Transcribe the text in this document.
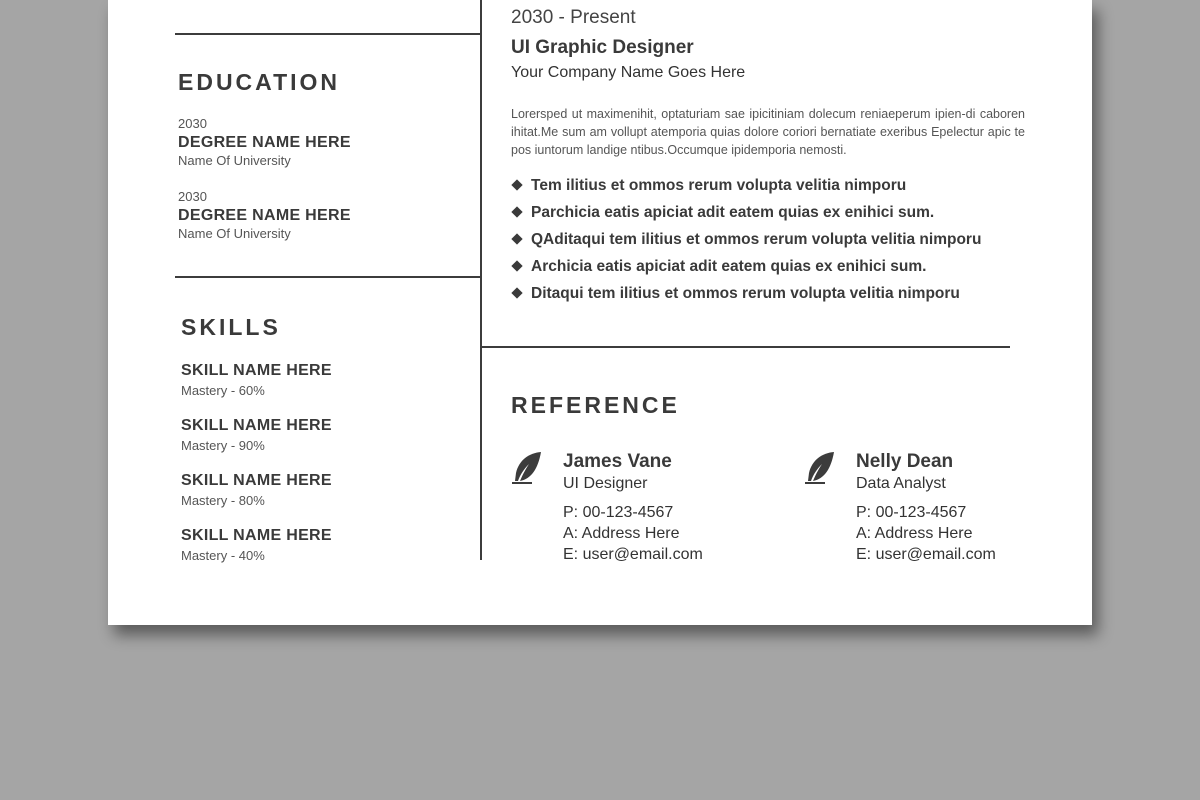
EDUCATION
2030
DEGREE NAME HERE
Name Of University
2030
DEGREE NAME HERE
Name Of University
SKILLS
SKILL NAME HERE
Mastery - 60%
SKILL NAME HERE
Mastery - 90%
SKILL NAME HERE
Mastery - 80%
SKILL NAME HERE
Mastery - 40%
2030 - Present
UI Graphic Designer
Your Company Name Goes Here
Lorersped ut maximenihit, optaturiam sae ipicitiniam dolecum reniaeperum ipien-di caboren ihitat.Me sum am vollupt atemporia quias dolore coriori bernatiate exeribus Epelectur apic te pos iuntorum landige ntibus.Occumque ipidemporia nemosti.
Tem ilitius et ommos rerum volupta velitia nimporu
Parchicia eatis apiciat adit eatem quias ex enihici sum.
QAditaqui tem ilitius et ommos rerum volupta velitia nimporu
Archicia eatis apiciat adit eatem quias ex enihici sum.
Ditaqui tem ilitius et ommos rerum volupta velitia nimporu
REFERENCE
James Vane
UI Designer
P: 00-123-4567
A: Address Here
E: user@email.com
Nelly Dean
Data Analyst
P: 00-123-4567
A: Address Here
E: user@email.com
